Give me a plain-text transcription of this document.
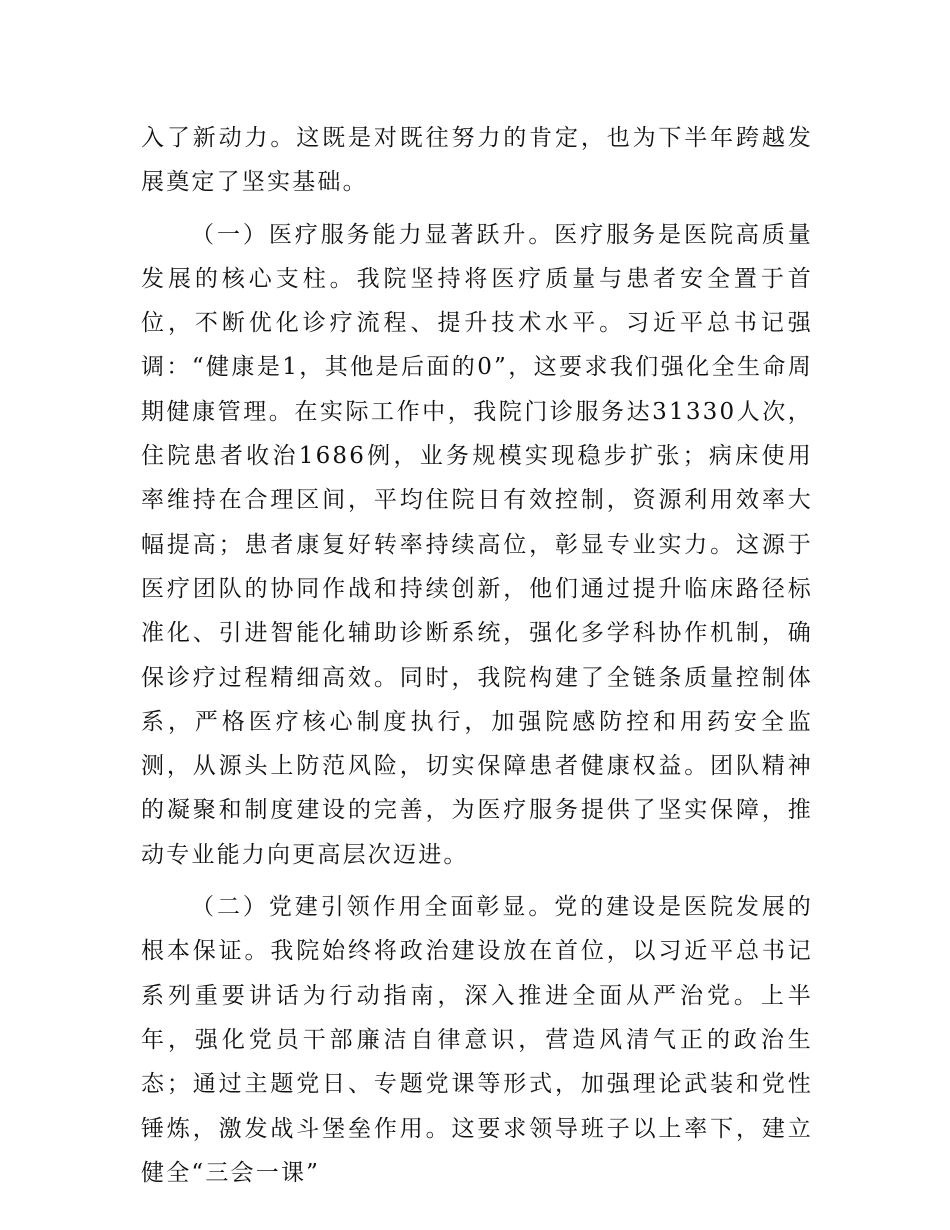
入了新动力。这既是对既往努力的肯定，也为下半年跨越发展奠定了坚实基础。

（一）医疗服务能力显著跃升。医疗服务是医院高质量发展的核心支柱。我院坚持将医疗质量与患者安全置于首位，不断优化诊疗流程、提升技术水平。习近平总书记强调：“健康是1，其他是后面的0”，这要求我们强化全生命周期健康管理。在实际工作中，我院门诊服务达31330人次，住院患者收治1686例，业务规模实现稳步扩张；病床使用率维持在合理区间，平均住院日有效控制，资源利用效率大幅提高；患者康复好转率持续高位，彰显专业实力。这源于医疗团队的协同作战和持续创新，他们通过提升临床路径标准化、引进智能化辅助诊断系统，强化多学科协作机制，确保诊疗过程精细高效。同时，我院构建了全链条质量控制体系，严格医疗核心制度执行，加强院感防控和用药安全监测，从源头上防范风险，切实保障患者健康权益。团队精神的凝聚和制度建设的完善，为医疗服务提供了坚实保障，推动专业能力向更高层次迈进。

（二）党建引领作用全面彰显。党的建设是医院发展的根本保证。我院始终将政治建设放在首位，以习近平总书记系列重要讲话为行动指南，深入推进全面从严治党。上半年，强化党员干部廉洁自律意识，营造风清气正的政治生态；通过主题党日、专题党课等形式，加强理论武装和党性锤炼，激发战斗堡垒作用。这要求领导班子以上率下，建立健全“三会一课”
